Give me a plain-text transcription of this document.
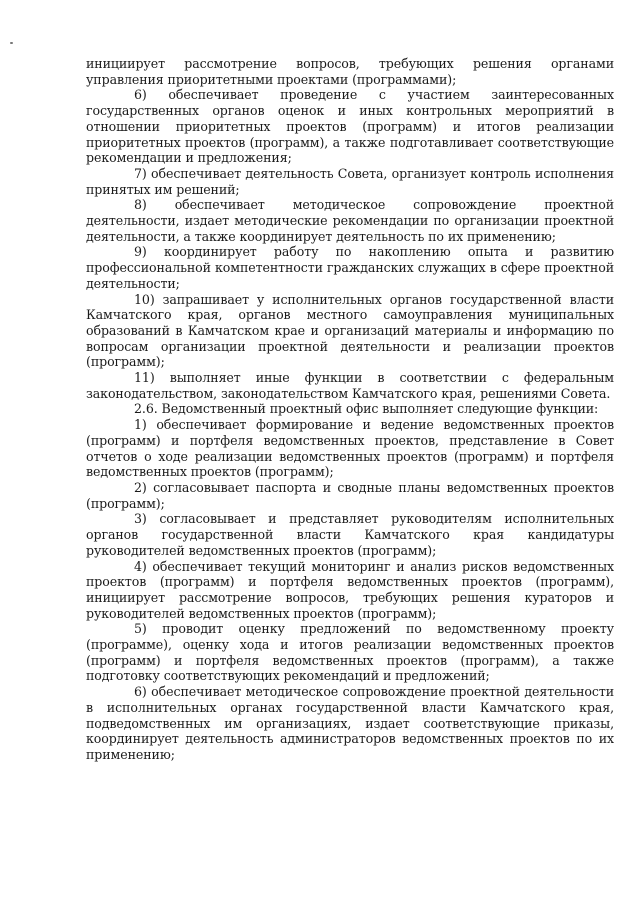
инициирует рассмотрение вопросов, требующих решения органами управления приоритетными проектами (программами);

6) обеспечивает проведение с участием заинтересованных государственных органов оценок и иных контрольных мероприятий в отношении приоритетных проектов (программ) и итогов реализации приоритетных проектов (программ), а также подготавливает соответствующие рекомендации и предложения;

7) обеспечивает деятельность Совета, организует контроль исполнения принятых им решений;

8) обеспечивает методическое сопровождение проектной деятельности, издает методические рекомендации по организации проектной деятельности, а также координирует деятельность по их применению;

9) координирует работу по накоплению опыта и развитию профессиональной компетентности гражданских служащих в сфере проектной деятельности;

10) запрашивает у исполнительных органов государственной власти Камчатского края, органов местного самоуправления муниципальных образований в Камчатском крае и организаций материалы и информацию по вопросам организации проектной деятельности и реализации проектов (программ);

11) выполняет иные функции в соответствии с федеральным законодательством, законодательством Камчатского края, решениями Совета.

2.6. Ведомственный проектный офис выполняет следующие функции:

1) обеспечивает формирование и ведение ведомственных проектов (программ) и портфеля ведомственных проектов, представление в Совет отчетов о ходе реализации ведомственных проектов (программ) и портфеля ведомственных проектов (программ);

2) согласовывает паспорта и сводные планы ведомственных проектов (программ);

3) согласовывает и представляет руководителям исполнительных органов государственной власти Камчатского края кандидатуры руководителей ведомственных проектов (программ);

4) обеспечивает текущий мониторинг и анализ рисков ведомственных проектов (программ) и портфеля ведомственных проектов (программ), инициирует рассмотрение вопросов, требующих решения кураторов и руководителей ведомственных проектов (программ);

5) проводит оценку предложений по ведомственному проекту (программе), оценку хода и итогов реализации ведомственных проектов (программ) и портфеля ведомственных проектов (программ), а также подготовку соответствующих рекомендаций и предложений;

6) обеспечивает методическое сопровождение проектной деятельности в исполнительных органах государственной власти Камчатского края, подведомственных им организациях, издает соответствующие приказы, координирует деятельность администраторов ведомственных проектов по их применению;
